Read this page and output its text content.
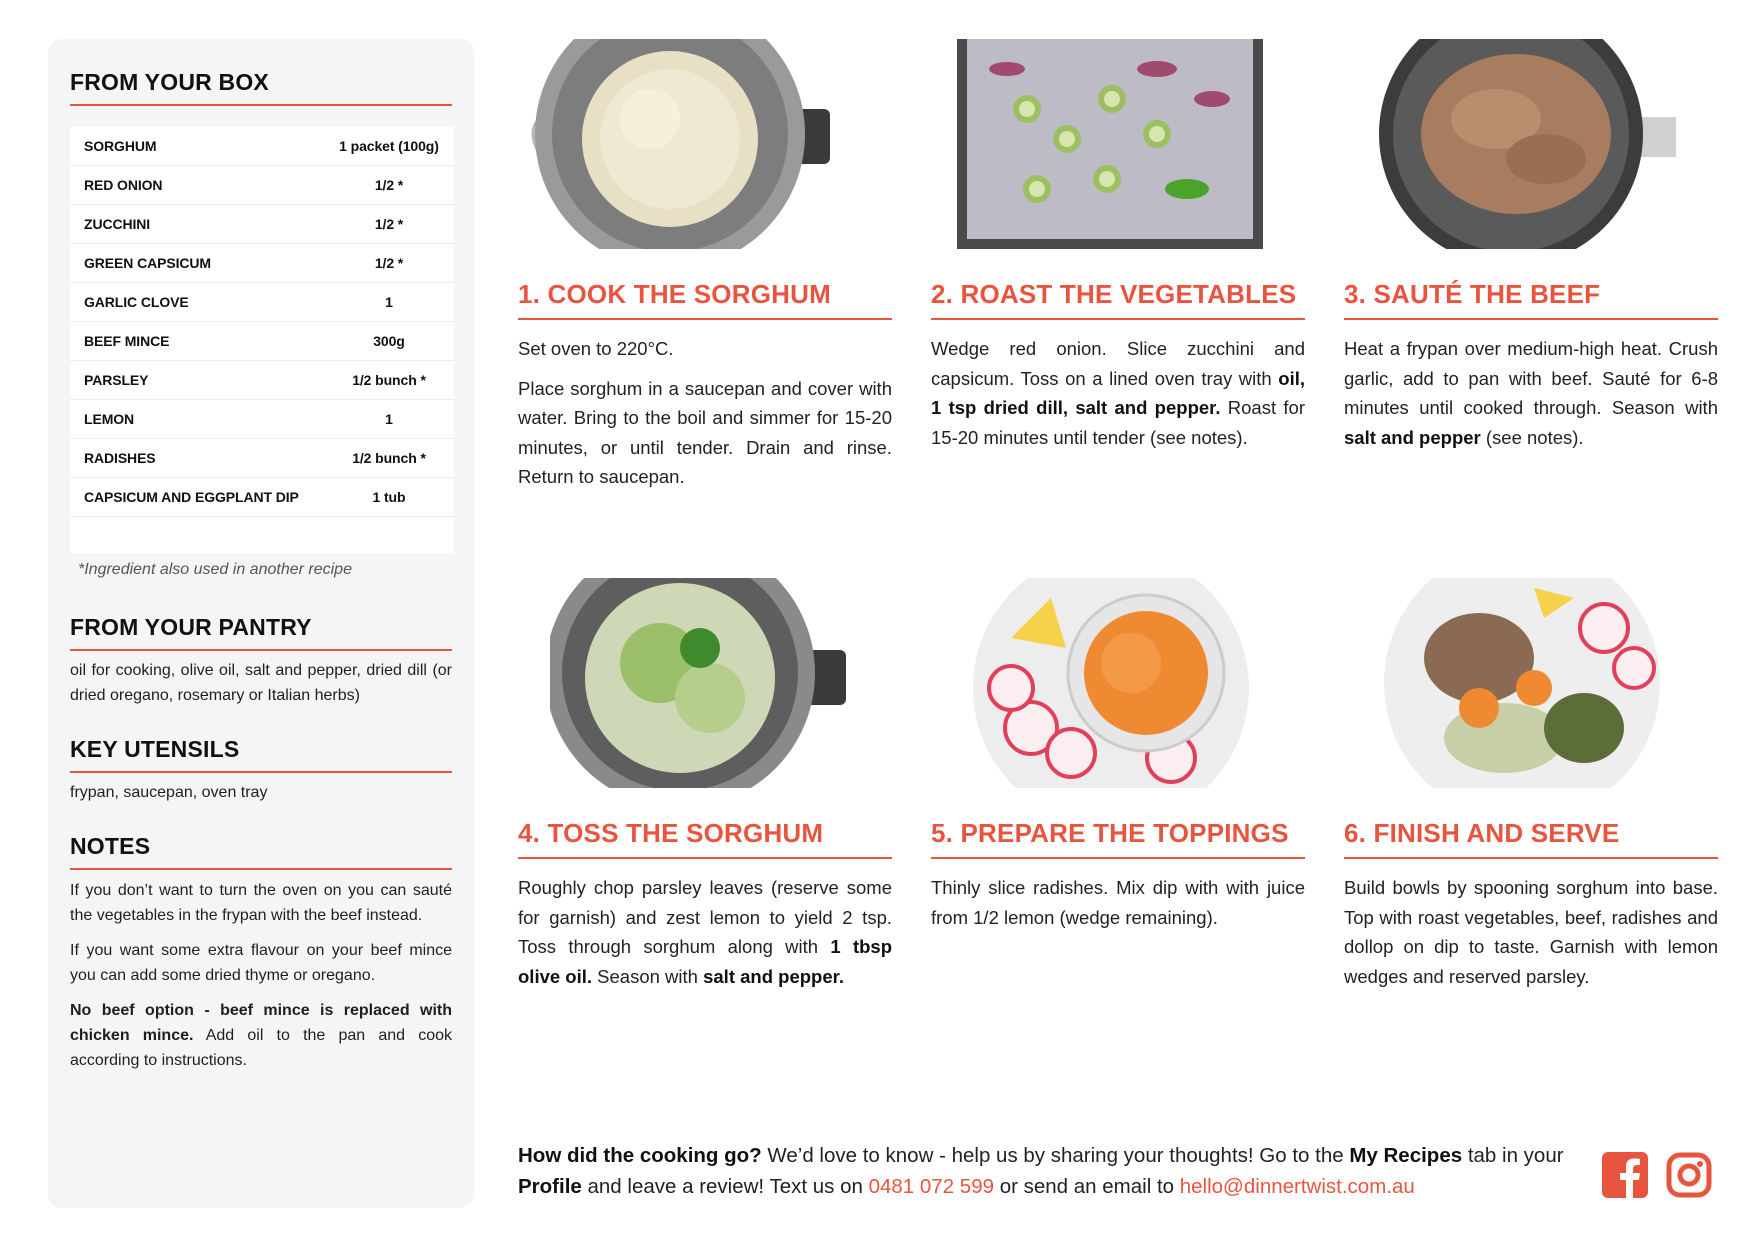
FROM YOUR BOX
SORGHUM	1 packet (100g)
RED ONION	1/2 *
ZUCCHINI	1/2 *
GREEN CAPSICUM	1/2 *
GARLIC CLOVE	1
BEEF MINCE	300g
PARSLEY	1/2 bunch *
LEMON	1
RADISHES	1/2 bunch *
CAPSICUM AND EGGPLANT DIP	1 tub
*Ingredient also used in another recipe
FROM YOUR PANTRY
oil for cooking, olive oil, salt and pepper, dried dill (or dried oregano, rosemary or Italian herbs)
KEY UTENSILS
frypan, saucepan, oven tray
NOTES

If you don’t want to turn the oven on you can sauté the vegetables in the frypan with the beef instead.

If you want some extra flavour on your beef mince you can add some dried thyme or oregano.

No beef option - beef mince is replaced with chicken mince. Add oil to the pan and cook according to instructions.

1. COOK THE SORGHUM

Set oven to 220°C.

Place sorghum in a saucepan and cover with water. Bring to the boil and simmer for 15-20 minutes, or until tender. Drain and rinse. Return to saucepan.

2. ROAST THE VEGETABLES

Wedge red onion. Slice zucchini and capsicum. Toss on a lined oven tray with oil, 1 tsp dried dill, salt and pepper. Roast for 15-20 minutes until tender (see notes).

3. SAUTÉ THE BEEF

Heat a frypan over medium-high heat. Crush garlic, add to pan with beef. Sauté for 6-8 minutes until cooked through. Season with salt and pepper (see notes).

4. TOSS THE SORGHUM

Roughly chop parsley leaves (reserve some for garnish) and zest lemon to yield 2 tsp. Toss through sorghum along with 1 tbsp olive oil. Season with salt and pepper.

5. PREPARE THE TOPPINGS

Thinly slice radishes. Mix dip with with juice from 1/2 lemon (wedge remaining).

6. FINISH AND SERVE

Build bowls by spooning sorghum into base. Top with roast vegetables, beef, radishes and dollop on dip to taste. Garnish with lemon wedges and reserved parsley.

How did the cooking go? We’d love to know - help us by sharing your thoughts! Go to the My Recipes tab in your Profile and leave a review! Text us on 0481 072 599 or send an email to hello@dinnertwist.com.au
